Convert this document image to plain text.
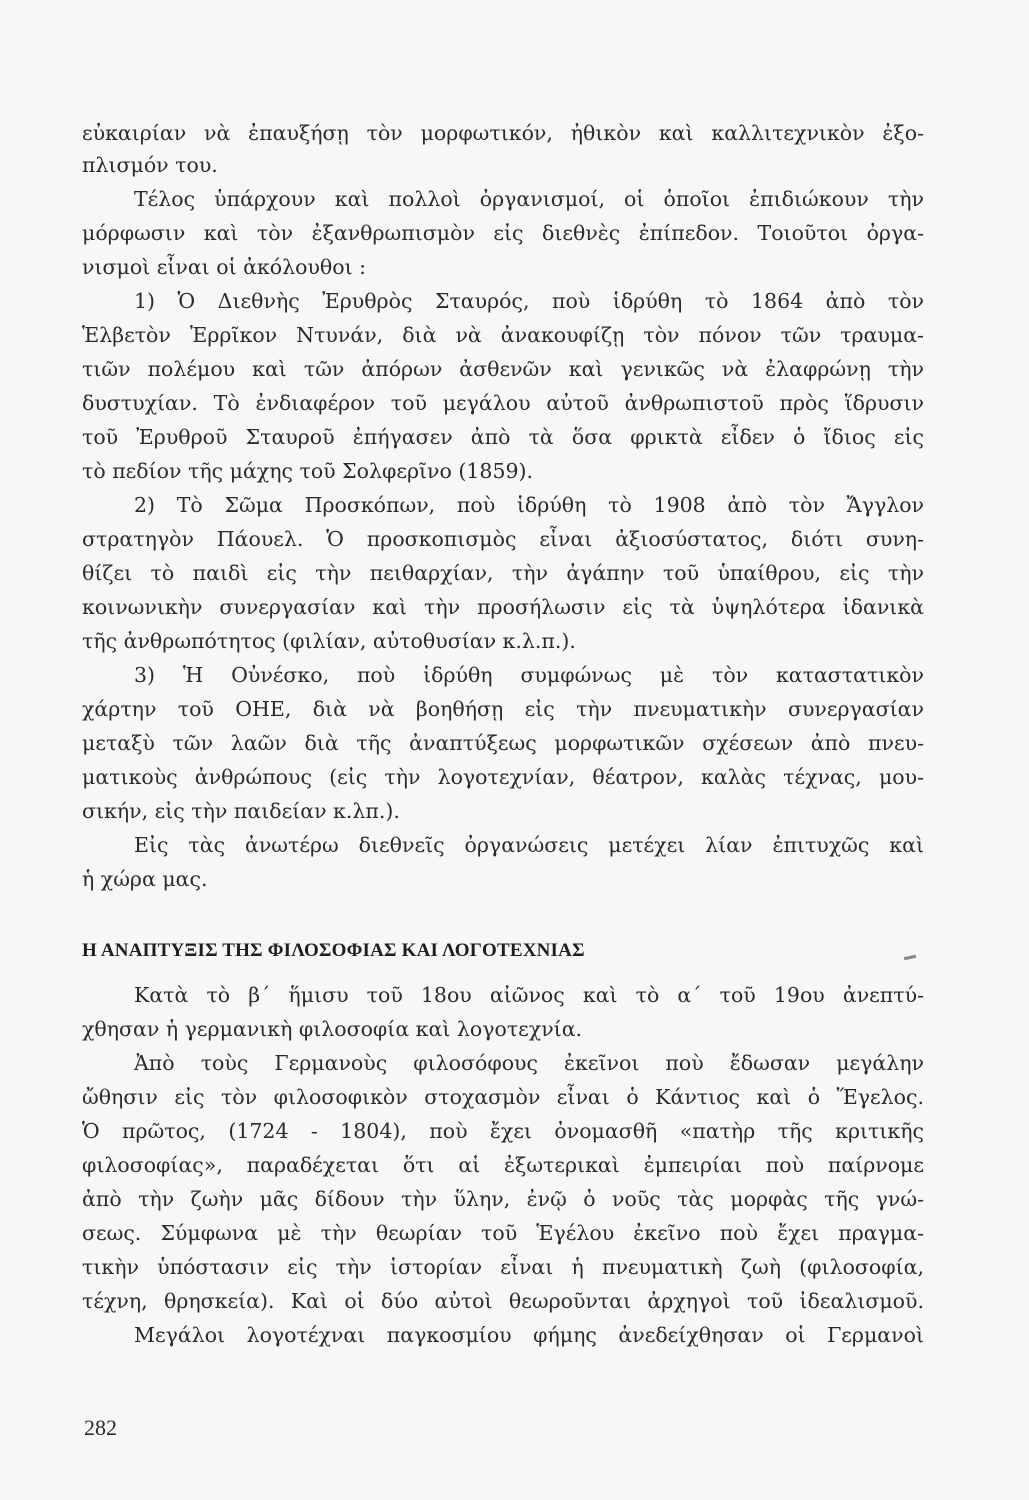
εὐκαιρίαν νὰ ἐπαυξήσῃ τὸν μορφωτικόν, ἠθικὸν καὶ καλλιτεχνικὸν ἐξο-
πλισμόν του.
Τέλος ὑπάρχουν καὶ πολλοὶ ὀργανισμοί, οἱ ὁποῖοι ἐπιδιώκουν τὴν
μόρφωσιν καὶ τὸν ἐξανθρωπισμὸν εἰς διεθνὲς ἐπίπεδον. Τοιοῦτοι ὀργα-
νισμοὶ εἶναι οἱ ἀκόλουθοι :
1) Ὁ Διεθνὴς Ἐρυθρὸς Σταυρός, ποὺ ἱδρύθη τὸ 1864 ἀπὸ τὸν
Ἑλβετὸν Ἐρρῖκον Ντυνάν, διὰ νὰ ἀνακουφίζῃ τὸν πόνον τῶν τραυμα-
τιῶν πολέμου καὶ τῶν ἀπόρων ἀσθενῶν καὶ γενικῶς νὰ ἐλαφρώνῃ τὴν
δυστυχίαν. Τὸ ἐνδιαφέρον τοῦ μεγάλου αὐτοῦ ἀνθρωπιστοῦ πρὸς ἵδρυσιν
τοῦ Ἐρυθροῦ Σταυροῦ ἐπήγασεν ἀπὸ τὰ ὅσα φρικτὰ εἶδεν ὁ ἴδιος εἰς
τὸ πεδίον τῆς μάχης τοῦ Σολφερῖνο (1859).
2) Τὸ Σῶμα Προσκόπων, ποὺ ἱδρύθη τὸ 1908 ἀπὸ τὸν Ἄγγλον
στρατηγὸν Πάουελ. Ὁ προσκοπισμὸς εἶναι ἀξιοσύστατος, διότι συνη-
θίζει τὸ παιδὶ εἰς τὴν πειθαρχίαν, τὴν ἀγάπην τοῦ ὑπαίθρου, εἰς τὴν
κοινωνικὴν συνεργασίαν καὶ τὴν προσήλωσιν εἰς τὰ ὑψηλότερα ἰδανικὰ
τῆς ἀνθρωπότητος (φιλίαν, αὐτοθυσίαν κ.λ.π.).
3) Ἡ Οὐνέσκο, ποὺ ἱδρύθη συμφώνως μὲ τὸν καταστατικὸν
χάρτην τοῦ ΟΗΕ, διὰ νὰ βοηθήσῃ εἰς τὴν πνευματικὴν συνεργασίαν
μεταξὺ τῶν λαῶν διὰ τῆς ἀναπτύξεως μορφωτικῶν σχέσεων ἀπὸ πνευ-
ματικοὺς ἀνθρώπους (εἰς τὴν λογοτεχνίαν, θέατρον, καλὰς τέχνας, μου-
σικήν, εἰς τὴν παιδείαν κ.λπ.).
Εἰς τὰς ἀνωτέρω διεθνεῖς ὀργανώσεις μετέχει λίαν ἐπιτυχῶς καὶ
ἡ χώρα μας.
Η ΑΝΑΠΤΥΞΙΣ ΤΗΣ ΦΙΛΟΣΟΦΙΑΣ ΚΑΙ ΛΟΓΟΤΕΧΝΙΑΣ
Κατὰ τὸ β΄ ἥμισυ τοῦ 18ου αἰῶνος καὶ τὸ α΄ τοῦ 19ου ἀνεπτύ-
χθησαν ἡ γερμανικὴ φιλοσοφία καὶ λογοτεχνία.
Ἀπὸ τοὺς Γερμανοὺς φιλοσόφους ἐκεῖνοι ποὺ ἔδωσαν μεγάλην
ὤθησιν εἰς τὸν φιλοσοφικὸν στοχασμὸν εἶναι ὁ Κάντιος καὶ ὁ Ἕγελος.
Ὁ πρῶτος, (1724 - 1804), ποὺ ἔχει ὀνομασθῆ «πατὴρ τῆς κριτικῆς
φιλοσοφίας», παραδέχεται ὅτι αἱ ἐξωτερικαὶ ἐμπειρίαι ποὺ παίρνομε
ἀπὸ τὴν ζωὴν μᾶς δίδουν τὴν ὕλην, ἐνῷ ὁ νοῦς τὰς μορφὰς τῆς γνώ-
σεως. Σύμφωνα μὲ τὴν θεωρίαν τοῦ Ἑγέλου ἐκεῖνο ποὺ ἔχει πραγμα-
τικὴν ὑπόστασιν εἰς τὴν ἱστορίαν εἶναι ἡ πνευματικὴ ζωὴ (φιλοσοφία,
τέχνη, θρησκεία). Καὶ οἱ δύο αὐτοὶ θεωροῦνται ἀρχηγοὶ τοῦ ἰδεαλισμοῦ.
Μεγάλοι λογοτέχναι παγκοσμίου φήμης ἀνεδείχθησαν οἱ Γερμανοὶ
282
